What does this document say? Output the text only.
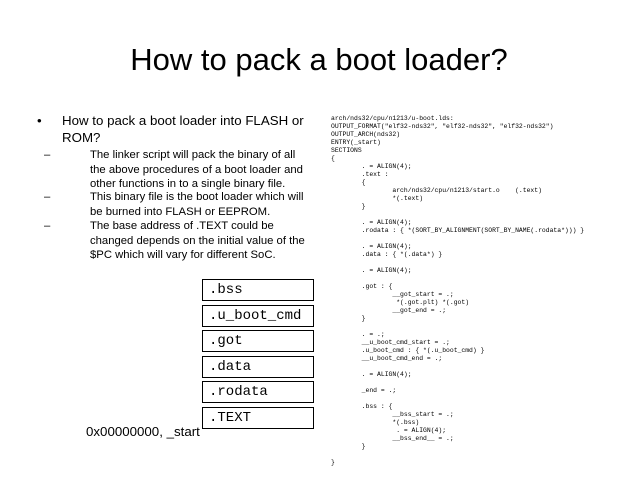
How to pack a boot loader?
• How to pack a boot loader into FLASH or ROM?
–	The linker script will pack the binary of all the above procedures of a boot loader and other functions in to a single binary file.
–	This binary file is the boot loader which will be burned into FLASH or EEPROM.
–	The base address of .TEXT could be changed depends on the initial value of the $PC which will vary for different SoC.
.bss
.u_boot_cmd
.got
.data
.rodata
.TEXT
0x00000000, _start
arch/nds32/cpu/n1213/u-boot.lds:
OUTPUT_FORMAT("elf32-nds32", "elf32-nds32", "elf32-nds32")
OUTPUT_ARCH(nds32)
ENTRY(_start)
SECTIONS
{
. = ALIGN(4);
.text :
{
arch/nds32/cpu/n1213/start.o    (.text)
*(.text)
}
. = ALIGN(4);
.rodata : { *(SORT_BY_ALIGNMENT(SORT_BY_NAME(.rodata*))) }
. = ALIGN(4);
.data : { *(.data*) }
. = ALIGN(4);
.got : {
__got_start = .;
*(.got.plt) *(.got)
__got_end = .;
}
. = .;
__u_boot_cmd_start = .;
.u_boot_cmd : { *(.u_boot_cmd) }
__u_boot_cmd_end = .;
. = ALIGN(4);
_end = .;
.bss : {
__bss_start = .;
*(.bss)
. = ALIGN(4);
__bss_end__ = .;
}
}
